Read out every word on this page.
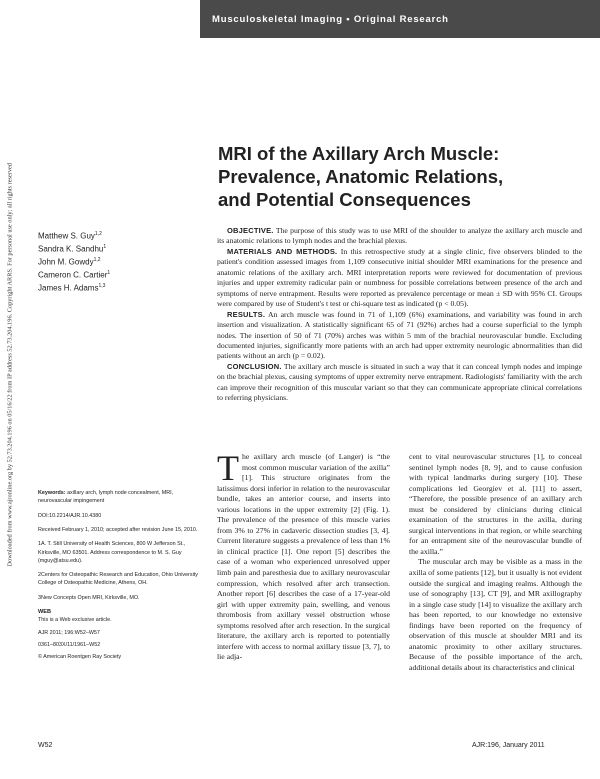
Musculoskeletal Imaging • Original Research
Downloaded from www.ajronline.org by 52.73.204.196 on 05/16/22 from IP address 52.73.204.196. Copyright ARRS. For personal use only; all rights reserved
MRI of the Axillary Arch Muscle:
Prevalence, Anatomic Relations,
and Potential Consequences
Matthew S. Guy$^{1,2}$
Sandra K. Sandhu$^1$
John M. Gowdy$^{1,2}$
Cameron C. Cartier$^1$
James H. Adams$^{1,3}$

OBJECTIVE. The purpose of this study was to use MRI of the shoulder to analyze the axillary arch muscle and its anatomic relations to lymph nodes and the brachial plexus.

MATERIALS AND METHODS. In this retrospective study at a single clinic, five observers blinded to the patient's condition assessed images from 1,109 consecutive initial shoulder MRI examinations for the presence and anatomic relations of the axillary arch. MRI interpretation reports were reviewed for documentation of previous injuries and upper extremity radicular pain or numbness for possible correlations between presence of the arch and symptoms of nerve entrapment. Results were reported as prevalence percentage or mean ± SD with 95% CI. Groups were compared by use of Student's t test or chi-square test as indicated (p < 0.05).

RESULTS. An arch muscle was found in 71 of 1,109 (6%) examinations, and variability was found in arch insertion and visualization. A statistically significant 65 of 71 (92%) arches had a course superficial to the lymph nodes. The insertion of 50 of 71 (70%) arches was within 5 mm of the brachial neurovascular bundle. Excluding documented injuries, significantly more patients with an arch had upper extremity neurologic abnormalities than did patients without an arch (p = 0.02).

CONCLUSION. The axillary arch muscle is situated in such a way that it can conceal lymph nodes and impinge on the brachial plexus, causing symptoms of upper extremity nerve entrapment. Radiologists' familiarity with the arch can improve their recognition of this muscular variant so that they can communicate appropriate clinical correlations to referring physicians.

Keywords: axillary arch, lymph node concealment, MRI, neurovascular impingement

DOI:10.2214/AJR.10.4380

Received February 1, 2010; accepted after revision June 15, 2010.

1A. T. Still University of Health Sciences, 800 W Jefferson St., Kirksville, MO 63501. Address correspondence to M. S. Guy (mguy@atsu.edu).

2Centers for Osteopathic Research and Education, Ohio University College of Osteopathic Medicine, Athens, OH.

3New Concepts Open MRI, Kirksville, MO.

WEB
This is a Web exclusive article.

AJR 2011; 196:W52–W57

0361–803X/11/1961–W52

© American Roentgen Ray Society

The axillary arch muscle (of Langer) is “the most common muscular variation of the axilla” [1]. This structure originates from the latissimus dorsi inferior in relation to the neurovascular bundle, takes an anterior course, and inserts into various locations in the upper extremity [2] (Fig. 1). The prevalence of the presence of this muscle varies from 3% to 27% in cadaveric dissection studies [3, 4]. Current literature suggests a prevalence of less than 1% in clinical practice [1]. One report [5] describes the case of a woman who experienced unresolved upper limb pain and paresthesia due to axillary neurovascular compression, which resolved after arch transection. Another report [6] describes the case of a 17-year-old girl with upper extremity pain, swelling, and venous thrombosis from axillary vessel obstruction whose symptoms resolved after arch resection. In the surgical literature, the axillary arch is reported to potentially interfere with access to normal axillary tissue [3, 7], to lie adja-

cent to vital neurovascular structures [1], to conceal sentinel lymph nodes [8, 9], and to cause confusion with typical landmarks during surgery [10]. These complications led Georgiev et al. [11] to assert, “Therefore, the possible presence of an axillary arch must be considered by clinicians during clinical examination of the structures in the axilla, during surgical interventions in that region, or while searching for an entrapment site of the neurovascular bundle of the axilla.”

The muscular arch may be visible as a mass in the axilla of some patients [12], but it usually is not evident outside the surgical and imaging realms. Although the use of sonography [13], CT [9], and MR axillography in a single case study [14] to visualize the axillary arch has been reported, to our knowledge no extensive findings have been reported on the frequency of observation of this muscle at shoulder MRI and its anatomic proximity to other axillary structures. Because of the possible importance of the arch, additional details about its characteristics and clinical

W52	AJR:196, January 2011
